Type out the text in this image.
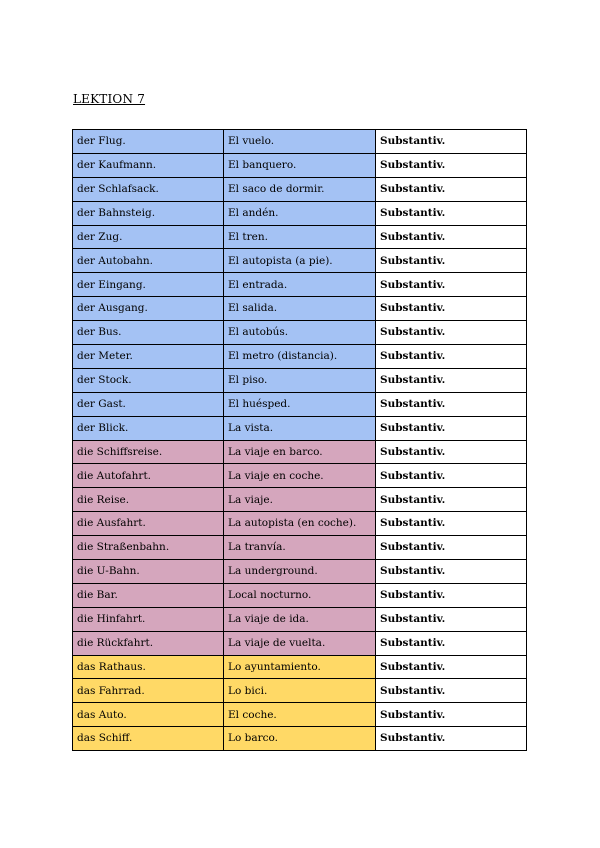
LEKTION 7
der Flug.	El vuelo.	Substantiv.
der Kaufmann.	El banquero.	Substantiv.
der Schlafsack.	El saco de dormir.	Substantiv.
der Bahnsteig.	El andén.	Substantiv.
der Zug.	El tren.	Substantiv.
der Autobahn.	El autopista (a pie).	Substantiv.
der Eingang.	El entrada.	Substantiv.
der Ausgang.	El salida.	Substantiv.
der Bus.	El autobús.	Substantiv.
der Meter.	El metro (distancia).	Substantiv.
der Stock.	El piso.	Substantiv.
der Gast.	El huésped.	Substantiv.
der Blick.	La vista.	Substantiv.
die Schiffsreise.	La viaje en barco.	Substantiv.
die Autofahrt.	La viaje en coche.	Substantiv.
die Reise.	La viaje.	Substantiv.
die Ausfahrt.	La autopista (en coche).	Substantiv.
die Straßenbahn.	La tranvía.	Substantiv.
die U-Bahn.	La underground.	Substantiv.
die Bar.	Local nocturno.	Substantiv.
die Hinfahrt.	La viaje de ida.	Substantiv.
die Rückfahrt.	La viaje de vuelta.	Substantiv.
das Rathaus.	Lo ayuntamiento.	Substantiv.
das Fahrrad.	Lo bici.	Substantiv.
das Auto.	El coche.	Substantiv.
das Schiff.	Lo barco.	Substantiv.
